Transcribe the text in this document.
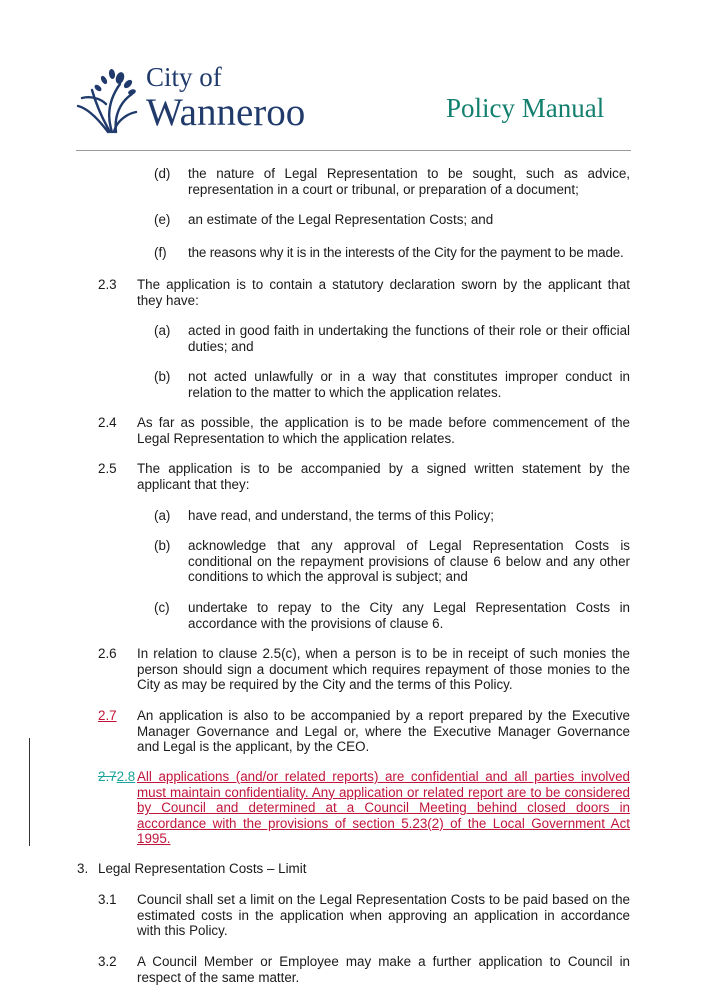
City of
Wanneroo	Policy Manual
(d) the nature of Legal Representation to be sought, such as advice, representation in a court or tribunal, or preparation of a document;
(e) an estimate of the Legal Representation Costs; and
(f) the reasons why it is in the interests of the City for the payment to be made.
2.3 The application is to contain a statutory declaration sworn by the applicant that they have:
(a) acted in good faith in undertaking the functions of their role or their official duties; and
(b) not acted unlawfully or in a way that constitutes improper conduct in relation to the matter to which the application relates.
2.4 As far as possible, the application is to be made before commencement of the Legal Representation to which the application relates.
2.5 The application is to be accompanied by a signed written statement by the applicant that they:
(a) have read, and understand, the terms of this Policy;
(b) acknowledge that any approval of Legal Representation Costs is conditional on the repayment provisions of clause 6 below and any other conditions to which the approval is subject; and
(c) undertake to repay to the City any Legal Representation Costs in accordance with the provisions of clause 6.
2.6 In relation to clause 2.5(c), when a person is to be in receipt of such monies the person should sign a document which requires repayment of those monies to the City as may be required by the City and the terms of this Policy.
2.7	An application is also to be accompanied by a report prepared by the Executive Manager Governance and Legal or, where the Executive Manager Governance and Legal is the applicant, by the CEO.
2.72.8 All applications (and/or related reports) are confidential and all parties involved must maintain confidentiality. Any application or related report are to be considered by Council and determined at a Council Meeting behind closed doors in accordance with the provisions of section 5.23(2) of the Local Government Act 1995.
3. Legal Representation Costs – Limit
3.1 Council shall set a limit on the Legal Representation Costs to be paid based on the estimated costs in the application when approving an application in accordance with this Policy.
3.2 A Council Member or Employee may make a further application to Council in respect of the same matter.
